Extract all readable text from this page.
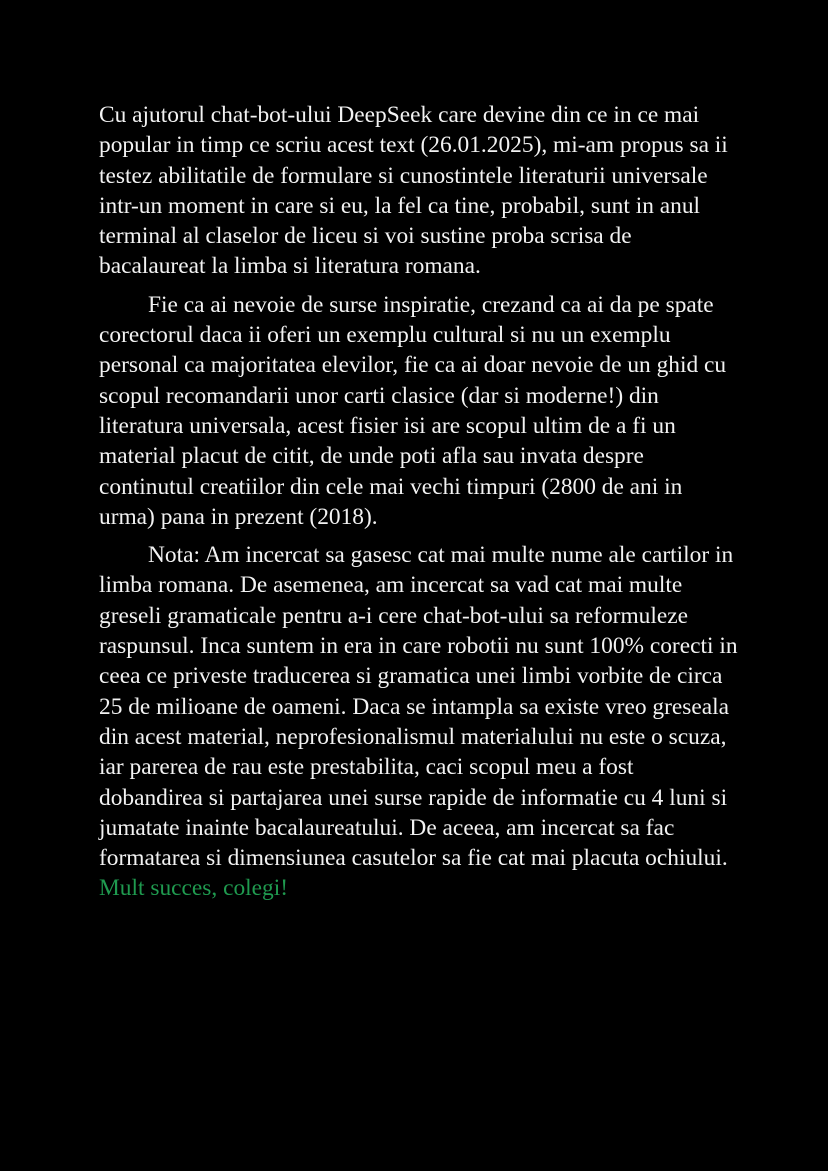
Cu ajutorul chat-bot-ului DeepSeek care devine din ce in ce mai popular in timp ce scriu acest text (26.01.2025), mi-am propus sa ii testez abilitatile de formulare si cunostintele literaturii universale intr-un moment in care si eu, la fel ca tine, probabil, sunt in anul terminal al claselor de liceu si voi sustine proba scrisa de bacalaureat la limba si literatura romana.

Fie ca ai nevoie de surse inspiratie, crezand ca ai da pe spate corectorul daca ii oferi un exemplu cultural si nu un exemplu personal ca majoritatea elevilor, fie ca ai doar nevoie de un ghid cu scopul recomandarii unor carti clasice (dar si moderne!) din literatura universala, acest fisier isi are scopul ultim de a fi un material placut de citit, de unde poti afla sau invata despre continutul creatiilor din cele mai vechi timpuri (2800 de ani in urma) pana in prezent (2018).

Nota: Am incercat sa gasesc cat mai multe nume ale cartilor in limba romana. De asemenea, am incercat sa vad cat mai multe greseli gramaticale pentru a-i cere chat-bot-ului sa reformuleze raspunsul. Inca suntem in era in care robotii nu sunt 100% corecti in ceea ce priveste traducerea si gramatica unei limbi vorbite de circa 25 de milioane de oameni. Daca se intampla sa existe vreo greseala din acest material, neprofesionalismul materialului nu este o scuza, iar parerea de rau este prestabilita, caci scopul meu a fost dobandirea si partajarea unei surse rapide de informatie cu 4 luni si jumatate inainte bacalaureatului. De aceea, am incercat sa fac formatarea si dimensiunea casutelor sa fie cat mai placuta ochiului.

Mult succes, colegi!
